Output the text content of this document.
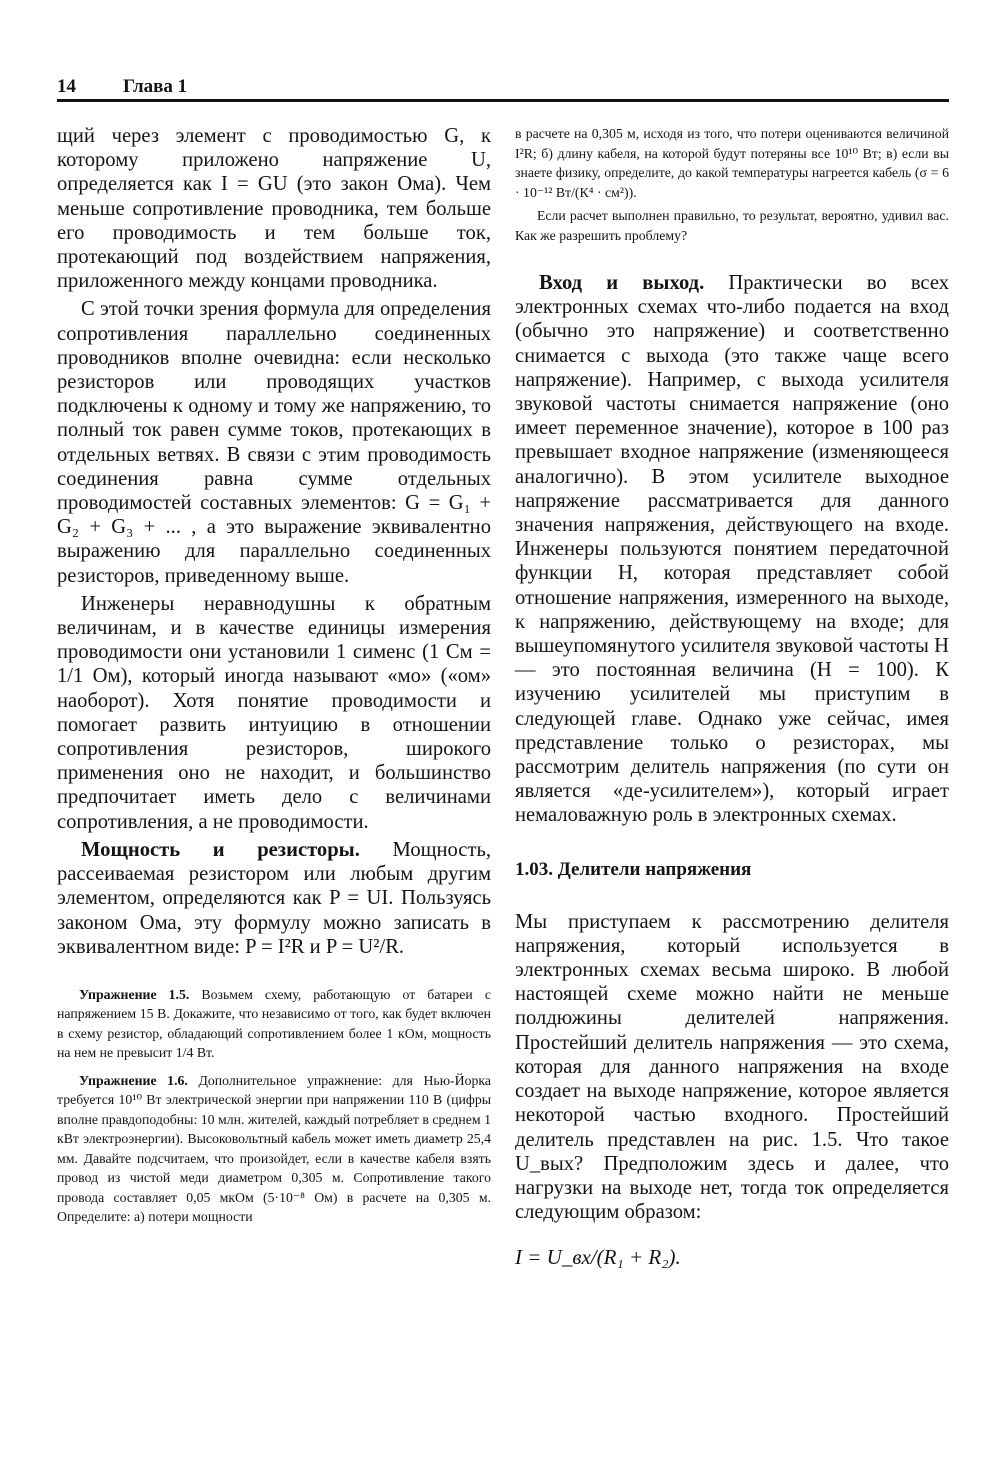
14 Глава 1

щий через элемент с проводимостью G, к которому приложено напряжение U, определяется как I = GU (это закон Ома). Чем меньше сопротивление проводника, тем больше его проводимость и тем больше ток, протекающий под воздействием напряжения, приложенного между концами проводника.

С этой точки зрения формула для определения сопротивления параллельно соединенных проводников вполне очевидна: если несколько резисторов или проводящих участков подключены к одному и тому же напряжению, то полный ток равен сумме токов, протекающих в отдельных ветвях. В связи с этим проводимость соединения равна сумме отдельных проводимостей составных элементов: G = G₁ + G₂ + G₃ + ... , а это выражение эквивалентно выражению для параллельно соединенных резисторов, приведенному выше.

Инженеры неравнодушны к обратным величинам, и в качестве единицы измерения проводимости они установили 1 сименс (1 См = 1/1 Ом), который иногда называют «мо» («ом» наоборот). Хотя понятие проводимости и помогает развить интуицию в отношении сопротивления резисторов, широкого применения оно не находит, и большинство предпочитает иметь дело с величинами сопротивления, а не проводимости.

Мощность и резисторы. Мощность, рассеиваемая резистором или любым другим элементом, определяются как P = UI. Пользуясь законом Ома, эту формулу можно записать в эквивалентном виде: P = I²R и P = U²/R.

Упражнение 1.5. Возьмем схему, работающую от батареи с напряжением 15 В. Докажите, что независимо от того, как будет включен в схему резистор, обладающий сопротивлением более 1 кОм, мощность на нем не превысит 1/4 Вт.

Упражнение 1.6. Дополнительное упражнение: для Нью-Йорка требуется 10¹⁰ Вт электрической энергии при напряжении 110 В (цифры вполне правдоподобны: 10 млн. жителей, каждый потребляет в среднем 1 кВт электроэнергии). Высоковольтный кабель может иметь диаметр 25,4 мм. Давайте подсчитаем, что произойдет, если в качестве кабеля взять провод из чистой меди диаметром 0,305 м. Сопротивление такого провода составляет 0,05 мкОм (5·10⁻⁸ Ом) в расчете на 0,305 м. Определите: а) потери мощности

в расчете на 0,305 м, исходя из того, что потери оцениваются величиной I²R; б) длину кабеля, на которой будут потеряны все 10¹⁰ Вт; в) если вы знаете физику, определите, до какой температуры нагреется кабель (σ = 6 · 10⁻¹² Вт/(К⁴ · см²)).

Если расчет выполнен правильно, то результат, вероятно, удивил вас. Как же разрешить проблему?

Вход и выход. Практически во всех электронных схемах что-либо подается на вход (обычно это напряжение) и соответственно снимается с выхода (это также чаще всего напряжение). Например, с выхода усилителя звуковой частоты снимается напряжение (оно имеет переменное значение), которое в 100 раз превышает входное напряжение (изменяющееся аналогично). В этом усилителе выходное напряжение рассматривается для данного значения напряжения, действующего на входе. Инженеры пользуются понятием передаточной функции H, которая представляет собой отношение напряжения, измеренного на выходе, к напряжению, действующему на входе; для вышеупомянутого усилителя звуковой частоты H — это постоянная величина (H = 100). К изучению усилителей мы приступим в следующей главе. Однако уже сейчас, имея представление только о резисторах, мы рассмотрим делитель напряжения (по сути он является «де-усилителем»), который играет немаловажную роль в электронных схемах.

1.03. Делители напряжения

Мы приступаем к рассмотрению делителя напряжения, который используется в электронных схемах весьма широко. В любой настоящей схеме можно найти не меньше полдюжины делителей напряжения. Простейший делитель напряжения — это схема, которая для данного напряжения на входе создает на выходе напряжение, которое является некоторой частью входного. Простейший делитель представлен на рис. 1.5. Что такое U_вых? Предположим здесь и далее, что нагрузки на выходе нет, тогда ток определяется следующим образом:

I = U_вх/(R₁ + R₂).
